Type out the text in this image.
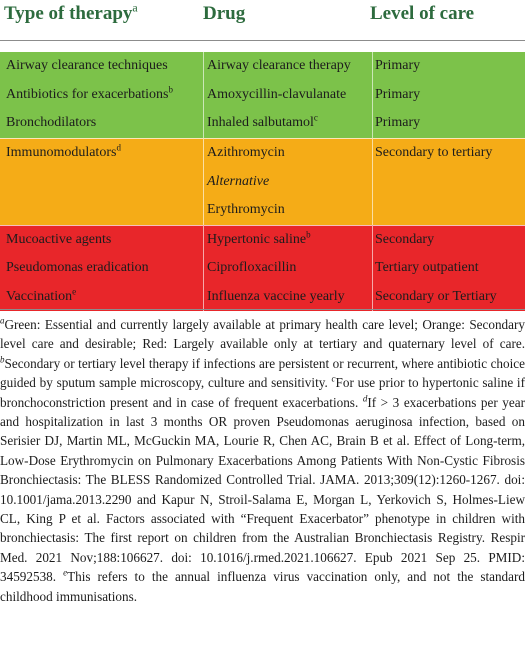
Type of therapy$^a$	Drug	Level of care
Airway clearance techniques	Airway clearance therapy	Primary
Antibiotics for exacerbations$^b$	Amoxycillin-clavulanate	Primary
Bronchodilators	Inhaled salbutamol$^c$	Primary
Immunomodulators$^d$	Azithromycin	Secondary to tertiary
	Alternative	
	Erythromycin	
Mucoactive agents	Hypertonic saline$^b$	Secondary
Pseudomonas eradication	Ciprofloxacillin	Tertiary outpatient
Vaccination$^e$	Influenza vaccine yearly	Secondary or Tertiary

$^a$Green: Essential and currently largely available at primary health care level; Orange: Secondary level care and desirable; Red: Largely available only at tertiary and quaternary level of care. $^b$Secondary or tertiary level therapy if infections are persistent or recurrent, where antibiotic choice guided by sputum sample microscopy, culture and sensitivity. $^c$For use prior to hypertonic saline if bronchoconstriction present and in case of frequent exacerbations. $^d$If > 3 exacerbations per year and hospitalization in last 3 months OR proven Pseudomonas aeruginosa infection, based on Serisier DJ, Martin ML, McGuckin MA, Lourie R, Chen AC, Brain B et al. Effect of Long-term, Low-Dose Erythromycin on Pulmonary Exacerbations Among Patients With Non-Cystic Fibrosis Bronchiectasis: The BLESS Randomized Controlled Trial. JAMA. 2013;309(12):1260-1267. doi: 10.1001/jama.2013.2290 and Kapur N, Stroil-Salama E, Morgan L, Yerkovich S, Holmes-Liew CL, King P et al. Factors associated with “Frequent Exacerbator” phenotype in children with bronchiectasis: The first report on children from the Australian Bronchiectasis Registry. Respir Med. 2021 Nov;188:106627. doi: 10.1016/j.rmed.2021.106627. Epub 2021 Sep 25. PMID: 34592538. $^e$This refers to the annual influenza virus vaccination only, and not the standard childhood immunisations.
